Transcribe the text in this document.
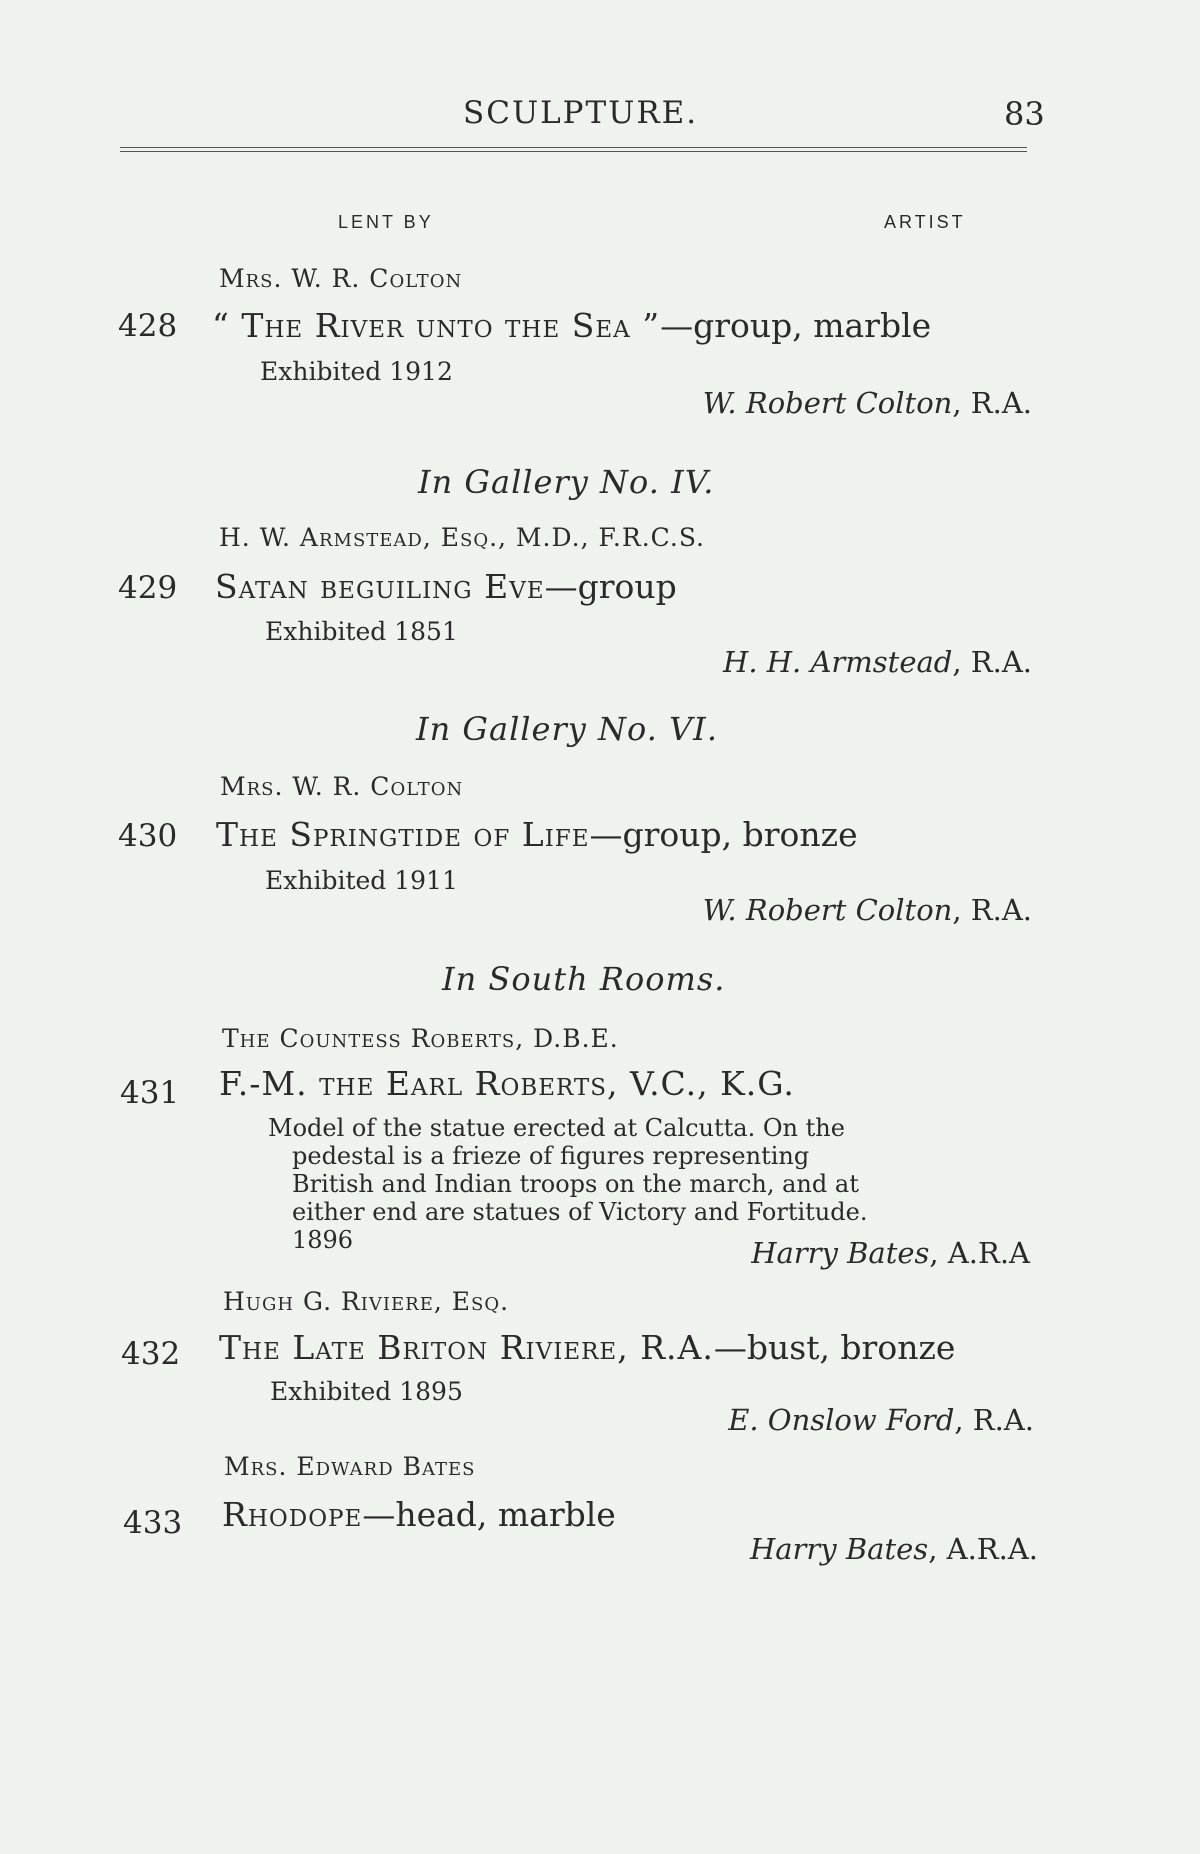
SCULPTURE.	83
LENT BY	ARTIST
Mrs. W. R. Colton
428 “ The River unto the Sea ”—group, marble
Exhibited 1912
W. Robert Colton, R.A.
In Gallery No. IV.
H. W. Armstead, Esq., M.D., F.R.C.S.
429 Satan beguiling Eve—group
Exhibited 1851
H. H. Armstead, R.A.
In Gallery No. VI.
Mrs. W. R. Colton
430 The Springtide of Life—group, bronze
Exhibited 1911
W. Robert Colton, R.A.
In South Rooms.
The Countess Roberts, D.B.E.
431 F.-M. the Earl Roberts, V.C., K.G.
Model of the statue erected at Calcutta. On the
pedestal is a frieze of figures representing British and Indian troops on the march, and at either end are statues of Victory and Fortitude. 1896	Harry Bates, A.R.A
Hugh G. Riviere, Esq.
432 The Late Briton Riviere, R.A.—bust, bronze
Exhibited 1895
E. Onslow Ford, R.A.
Mrs. Edward Bates
433 Rhodope—head, marble
Harry Bates, A.R.A.
